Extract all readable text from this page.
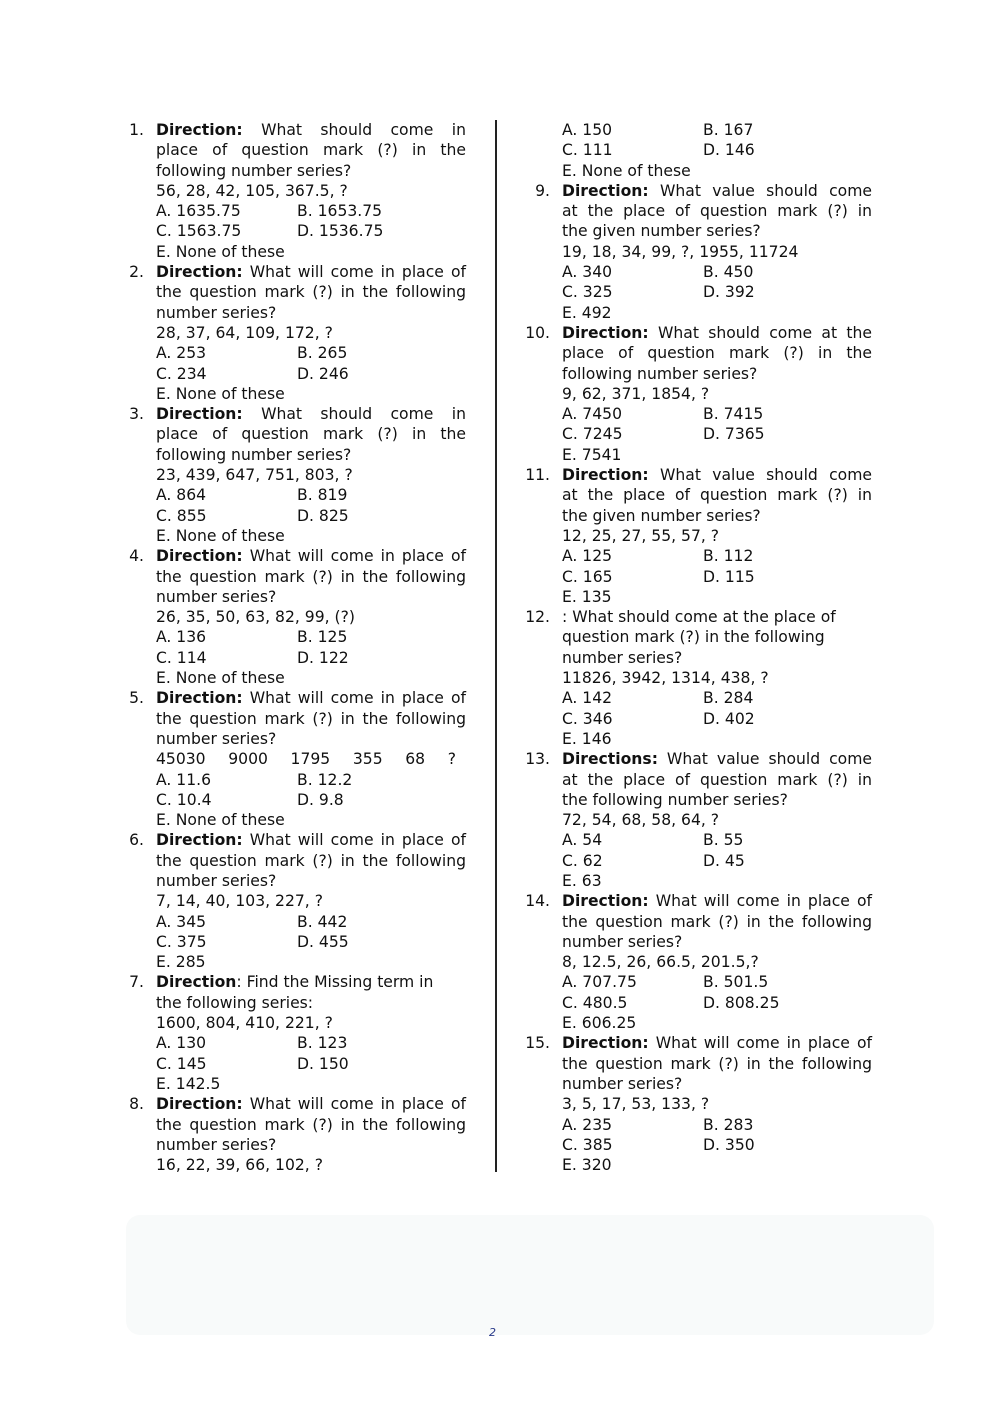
1. Direction: What should come in
place of question mark (?) in the
following number series?
56, 28, 42, 105, 367.5, ?
A. 1635.75	B. 1653.75
C. 1563.75	D. 1536.75
E. None of these
2. Direction: What will come in place of
the question mark (?) in the following
number series?
28, 37, 64, 109, 172, ?
A. 253	B. 265
C. 234	D. 246
E. None of these
3. Direction: What should come in
place of question mark (?) in the
following number series?
23, 439, 647, 751, 803, ?
A. 864	B. 819
C. 855	D. 825
E. None of these
4. Direction: What will come in place of
the question mark (?) in the following
number series?
26, 35, 50, 63, 82, 99, (?)
A. 136	B. 125
C. 114	D. 122
E. None of these
5. Direction: What will come in place of
the question mark (?) in the following
number series?
45030 9000 1795 355 68 ?
A. 11.6	B. 12.2
C. 10.4	D. 9.8
E. None of these
6. Direction: What will come in place of
the question mark (?) in the following
number series?
7, 14, 40, 103, 227, ?
A. 345	B. 442
C. 375	D. 455
E. 285
7. Direction: Find the Missing term in
the following series:
1600, 804, 410, 221, ?
A. 130	B. 123
C. 145	D. 150
E. 142.5
8. Direction: What will come in place of
the question mark (?) in the following
number series?
16, 22, 39, 66, 102, ?
A. 150	B. 167
C. 111	D. 146
E. None of these
9. Direction: What value should come
at the place of question mark (?) in
the given number series?
19, 18, 34, 99, ?, 1955, 11724
A. 340	B. 450
C. 325	D. 392
E. 492
10. Direction: What should come at the
place of question mark (?) in the
following number series?
9, 62, 371, 1854, ?
A. 7450	B. 7415
C. 7245	D. 7365
E. 7541
11. Direction: What value should come
at the place of question mark (?) in
the given number series?
12, 25, 27, 55, 57, ?
A. 125	B. 112
C. 165	D. 115
E. 135
12. : What should come at the place of
question mark (?) in the following
number series?
11826, 3942, 1314, 438, ?
A. 142	B. 284
C. 346	D. 402
E. 146
13. Directions: What value should come
at the place of question mark (?) in
the following number series?
72, 54, 68, 58, 64, ?
A. 54	B. 55
C. 62	D. 45
E. 63
14. Direction: What will come in place of
the question mark (?) in the following
number series?
8, 12.5, 26, 66.5, 201.5,?
A. 707.75	B. 501.5
C. 480.5	D. 808.25
E. 606.25
15. Direction: What will come in place of
the question mark (?) in the following
number series?
3, 5, 17, 53, 133, ?
A. 235	B. 283
C. 385	D. 350
E. 320
2
